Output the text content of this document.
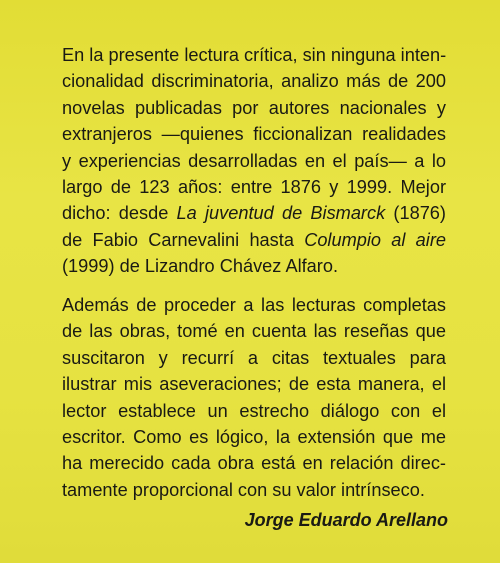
En la presente lectura crítica, sin ninguna inten-
cionalidad discriminatoria, analizo más de 200
novelas publicadas por autores nacionales y
extranjeros —quienes ficcionalizan realidades
y experiencias desarrolladas en el país— a lo
largo de 123 años: entre 1876 y 1999. Mejor
dicho: desde La juventud de Bismarck (1876)
de Fabio Carnevalini hasta Columpio al aire
(1999) de Lizandro Chávez Alfaro.
Además de proceder a las lecturas completas
de las obras, tomé en cuenta las reseñas que
suscitaron y recurrí a citas textuales para
ilustrar mis aseveraciones; de esta manera, el
lector establece un estrecho diálogo con el
escritor. Como es lógico, la extensión que me
ha merecido cada obra está en relación direc-
tamente proporcional con su valor intrínseco.
Jorge Eduardo Arellano
